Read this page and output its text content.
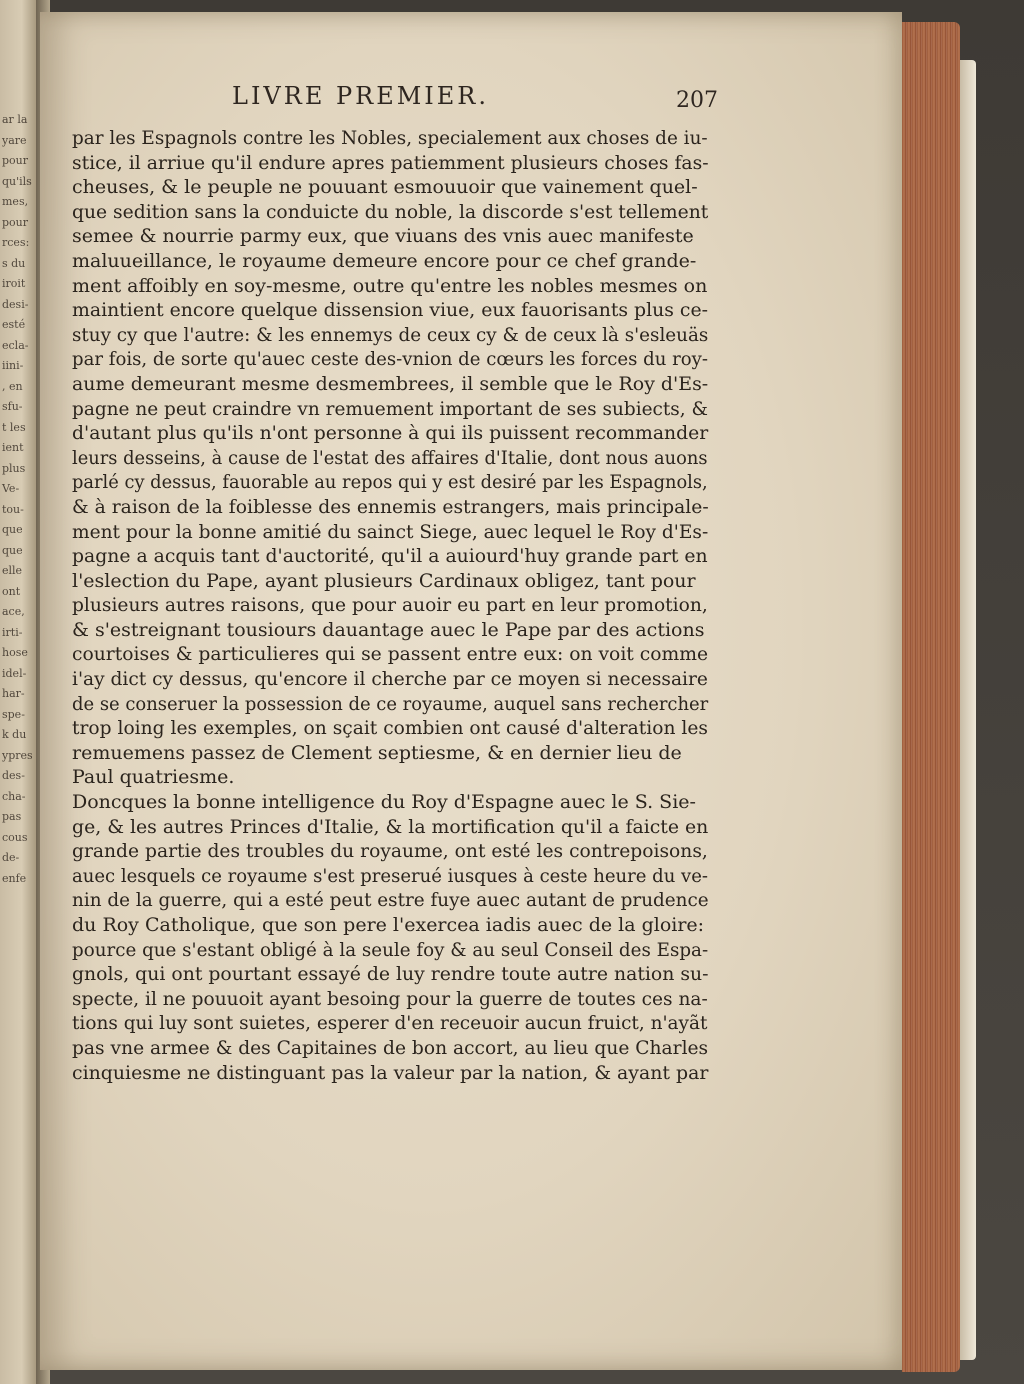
ar la
yare
pour
qu'ils
mes,
pour
rces:
s du
iroit
desi-
esté
ecla-
iini-
, en
sfu-
t les
ient
plus
Ve-
tou-
que
que
elle
ont
ace,
irti-
hose
idel-
har-
spe-
k du
ypres
des-
cha-
pas
cous
de-
enfe
LIVRE PREMIER.	207
par les Espagnols contre les Nobles, specialement aux choses de iu-
stice, il arriue qu'il endure apres patiemment plusieurs choses fas-
cheuses, & le peuple ne pouuant esmouuoir que vainement quel-
que sedition sans la conduicte du noble, la discorde s'est tellement
semee & nourrie parmy eux, que viuans des vnis auec manifeste
maluueillance, le royaume demeure encore pour ce chef grande-
ment affoibly en soy-mesme, outre qu'entre les nobles mesmes on
maintient encore quelque dissension viue, eux fauorisants plus ce-
stuy cy que l'autre: & les ennemys de ceux cy & de ceux là s'esleuäs
par fois, de sorte qu'auec ceste des-vnion de cœurs les forces du roy-
aume demeurant mesme desmembrees, il semble que le Roy d'Es-
pagne ne peut craindre vn remuement important de ses subiects, &
d'autant plus qu'ils n'ont personne à qui ils puissent recommander
leurs desseins, à cause de l'estat des affaires d'Italie, dont nous auons
parlé cy dessus, fauorable au repos qui y est desiré par les Espagnols,
& à raison de la foiblesse des ennemis estrangers, mais principale-
ment pour la bonne amitié du sainct Siege, auec lequel le Roy d'Es-
pagne a acquis tant d'auctorité, qu'il a auiourd'huy grande part en
l'eslection du Pape, ayant plusieurs Cardinaux obligez, tant pour
plusieurs autres raisons, que pour auoir eu part en leur promotion,
& s'estreignant tousiours dauantage auec le Pape par des actions
courtoises & particulieres qui se passent entre eux: on voit comme
i'ay dict cy dessus, qu'encore il cherche par ce moyen si necessaire
de se conseruer la possession de ce royaume, auquel sans rechercher
trop loing les exemples, on sçait combien ont causé d'alteration les
remuemens passez de Clement septiesme, & en dernier lieu de
Paul quatriesme.
Doncques la bonne intelligence du Roy d'Espagne auec le S. Sie-
ge, & les autres Princes d'Italie, & la mortification qu'il a faicte en
grande partie des troubles du royaume, ont esté les contrepoisons,
auec lesquels ce royaume s'est preserué iusques à ceste heure du ve-
nin de la guerre, qui a esté peut estre fuye auec autant de prudence
du Roy Catholique, que son pere l'exercea iadis auec de la gloire:
pource que s'estant obligé à la seule foy & au seul Conseil des Espa-
gnols, qui ont pourtant essayé de luy rendre toute autre nation su-
specte, il ne pouuoit ayant besoing pour la guerre de toutes ces na-
tions qui luy sont suietes, esperer d'en receuoir aucun fruict, n'ayãt
pas vne armee & des Capitaines de bon accort, au lieu que Charles
cinquiesme ne distinguant pas la valeur par la nation, & ayant par
